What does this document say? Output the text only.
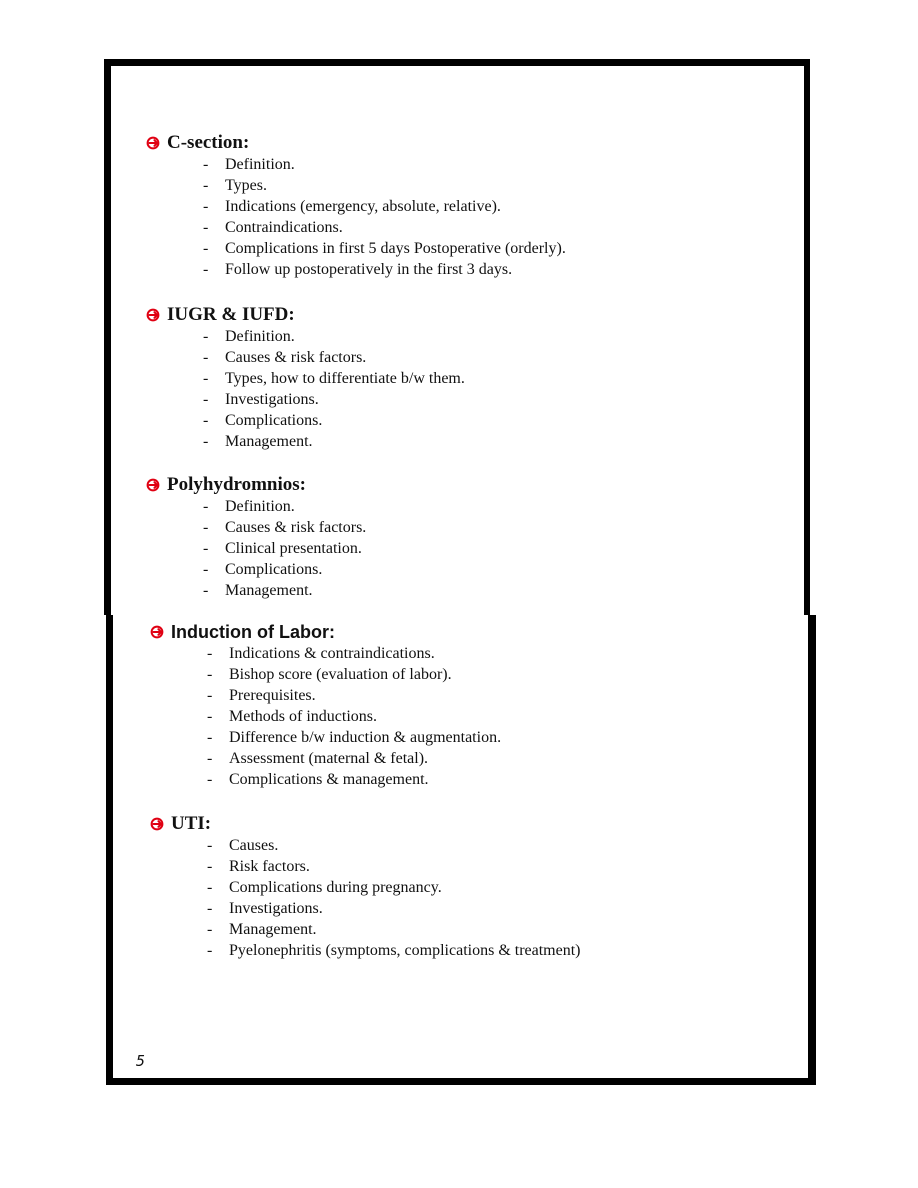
C-section:
-	Definition.
-	Types.
-	Indications (emergency, absolute, relative).
-	Contraindications.
-	Complications in first 5 days Postoperative (orderly).
-	Follow up postoperatively in the first 3 days.
IUGR & IUFD:
-	Definition.
-	Causes & risk factors.
-	Types, how to differentiate b/w them.
-	Investigations.
-	Complications.
-	Management.
Polyhydromnios:
-	Definition.
-	Causes & risk factors.
-	Clinical presentation.
-	Complications.
-	Management.
Induction of Labor:
-	Indications & contraindications.
-	Bishop score (evaluation of labor).
-	Prerequisites.
-	Methods of inductions.
-	Difference b/w induction & augmentation.
-	Assessment (maternal & fetal).
-	Complications & management.
UTI:
-	Causes.
-	Risk factors.
-	Complications during pregnancy.
-	Investigations.
-	Management.
-	Pyelonephritis (symptoms, complications & treatment)
5
